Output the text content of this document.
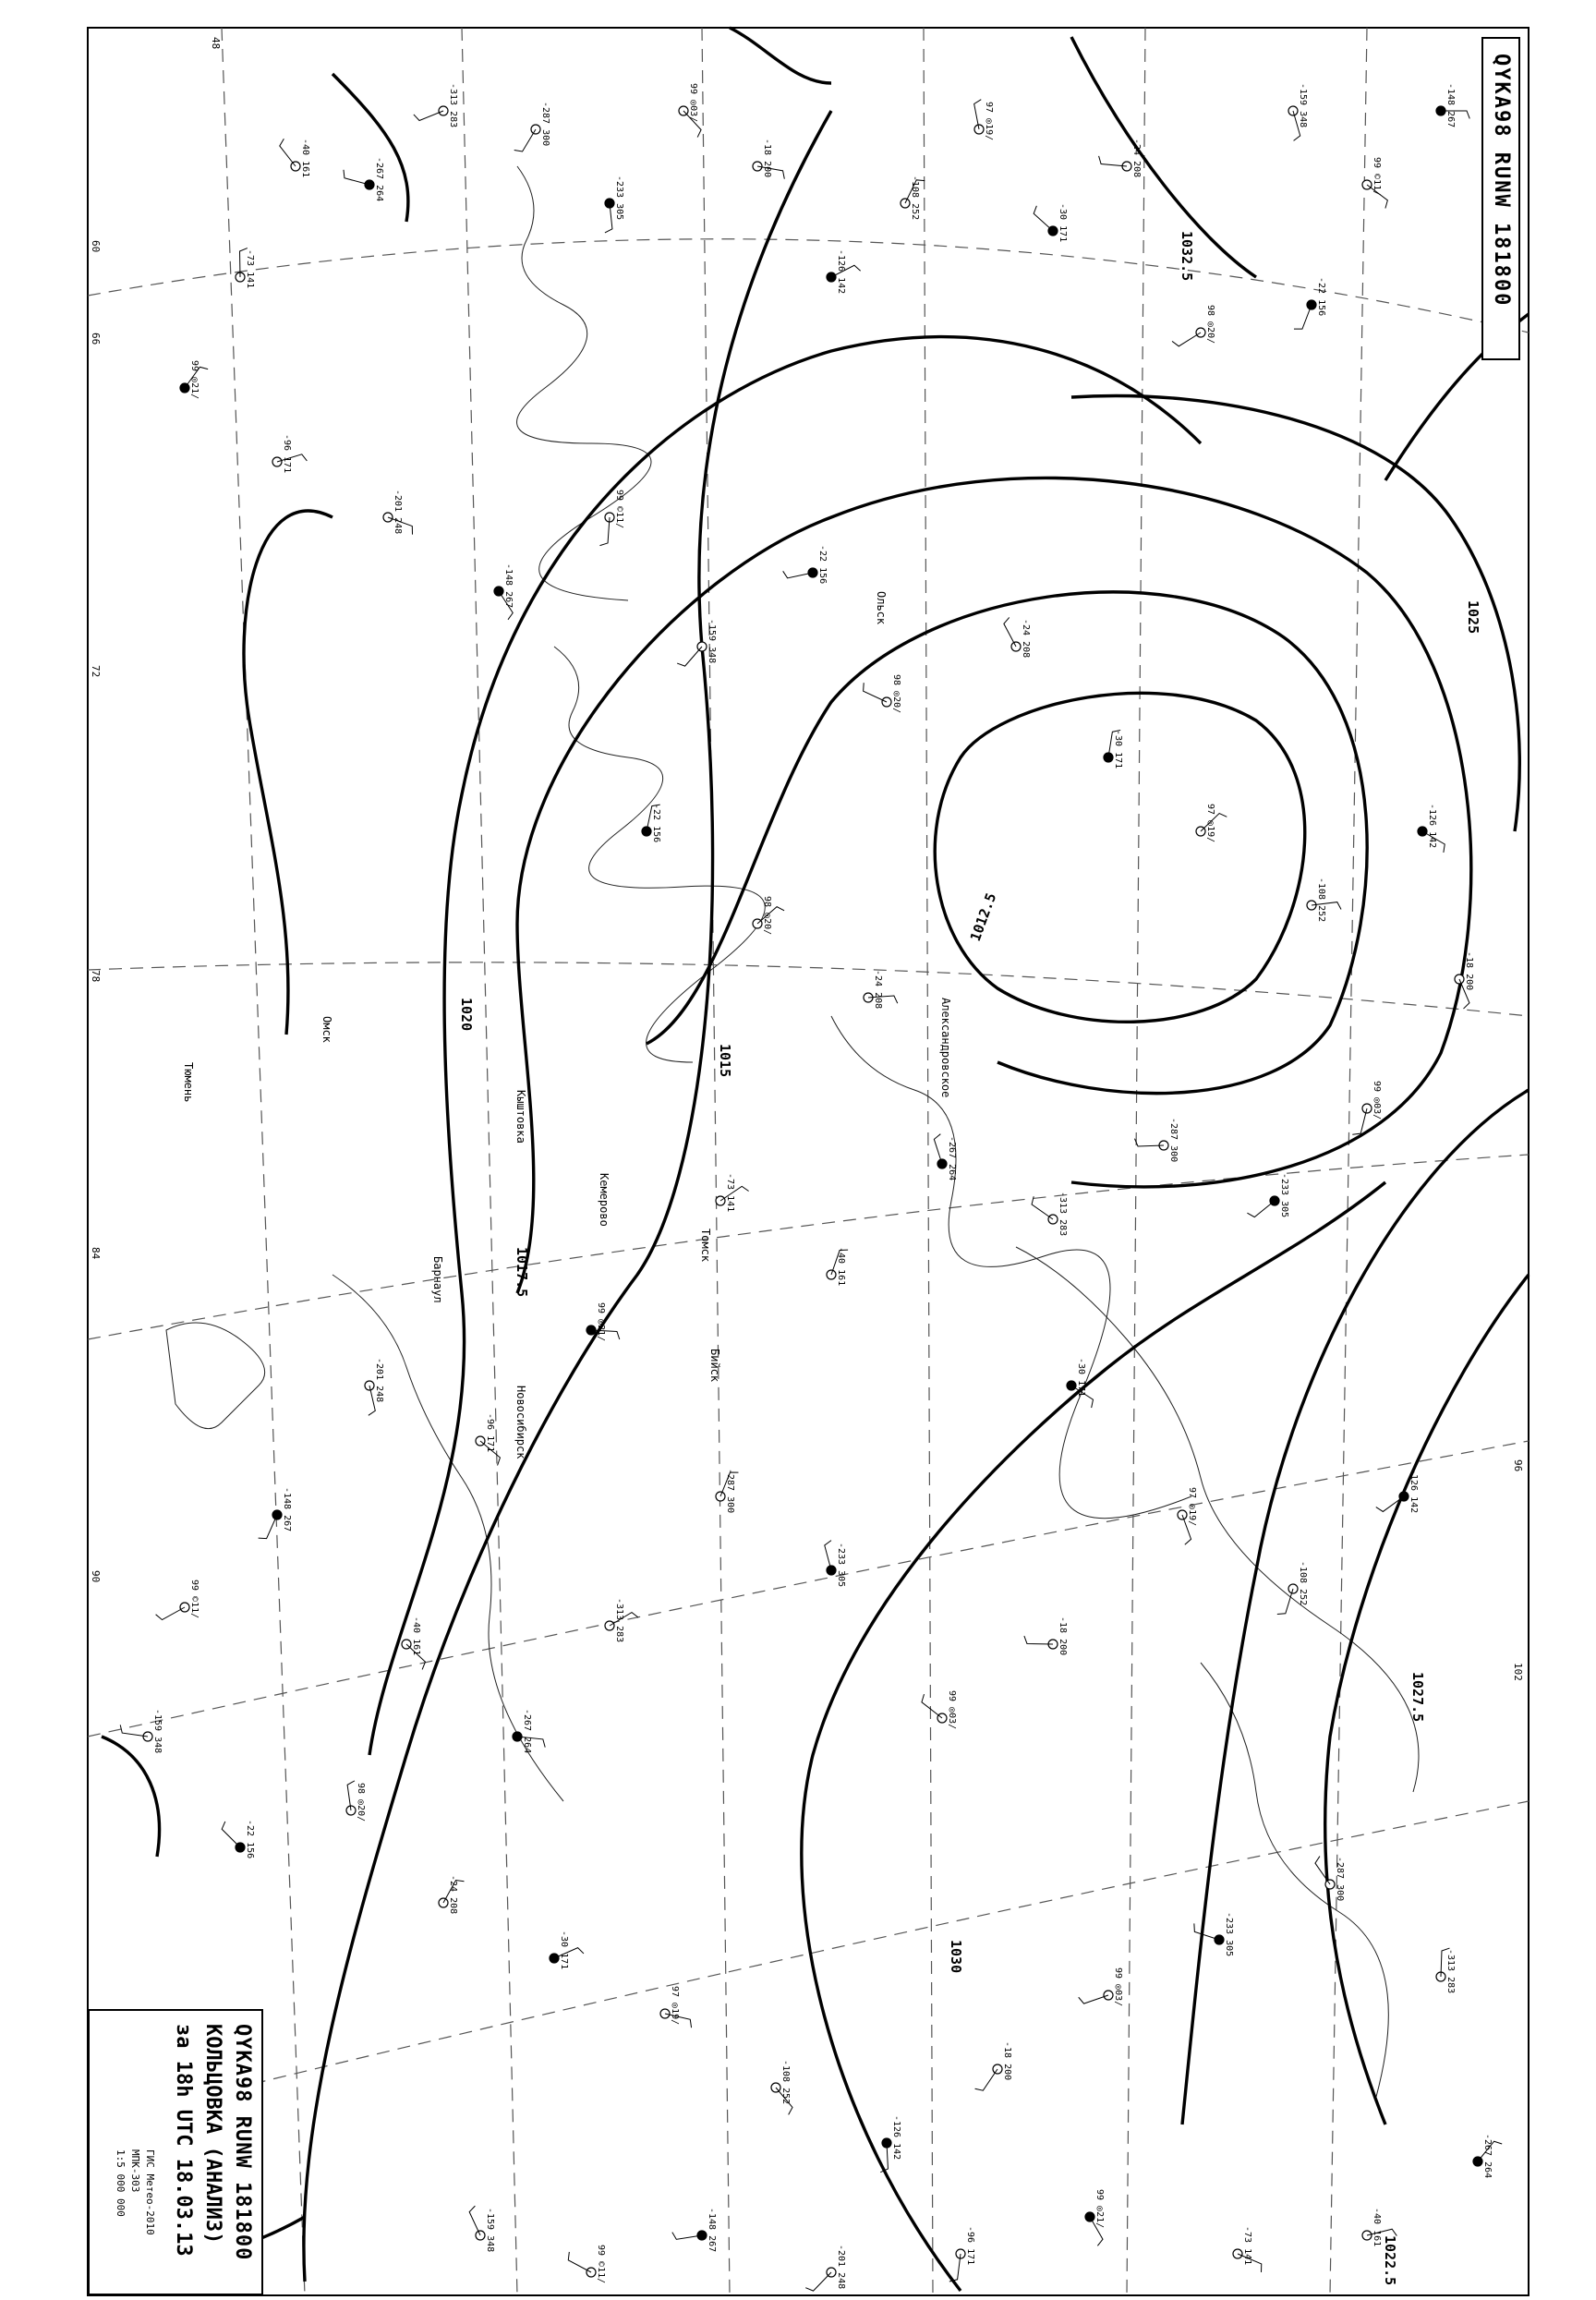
1012.5
1015
1017.5
1020
1022.5
1025
1027.5
1030
1032.5
48
60
66
72
78
84
90
96
102
Ольск
Томск
Барнаул
Кемерово
Омск
Тюмень
Новосибирск
Александровское
Бийск
Кыштовка
-148 267
99 ©11/
-159 348
-22 156
98 ◎20/
-24 208
-30 171
97 ◎19/
-108 252
-126 142
-18 200
99 ◎03/
-233 305
-287 300
-313 283
-267 264
-40 161
-73 141
99 ◎21/
-96 171
-201 248
-148 267
99 ©11/
-159 348
-22 156
98 ◎20/
-24 208
-30 171
97 ◎19/
-108 252
-126 142
-18 200
99 ◎03/
-233 305
-287 300
-313 283
-267 264
-40 161
-73 141
99 ◎21/
-96 171
-201 248
-148 267
99 ©11/
-159 348
-22 156
98 ◎20/
-24 208
-30 171
97 ◎19/
-108 252
-126 142
-18 200
99 ◎03/
-233 305
-287 300
-313 283
-267 264
-40 161
-73 141
99 ◎21/
-96 171
-201 248
-148 267
99 ©11/
-159 348
-22 156
98 ◎20/
-24 208
-30 171
97 ◎19/
-108 252
-126 142
-18 200
99 ◎03/
-233 305
-287 300
-313 283
-267 264
-40 161
QYKA98 RUNW 181800
QYKA98 RUNW 181800
КОЛЬЦОВКА (АНАЛИЗ)
за 18h UTC 18.03.13
ГИС Метео-2010
МПК-303
1:5 000 000
